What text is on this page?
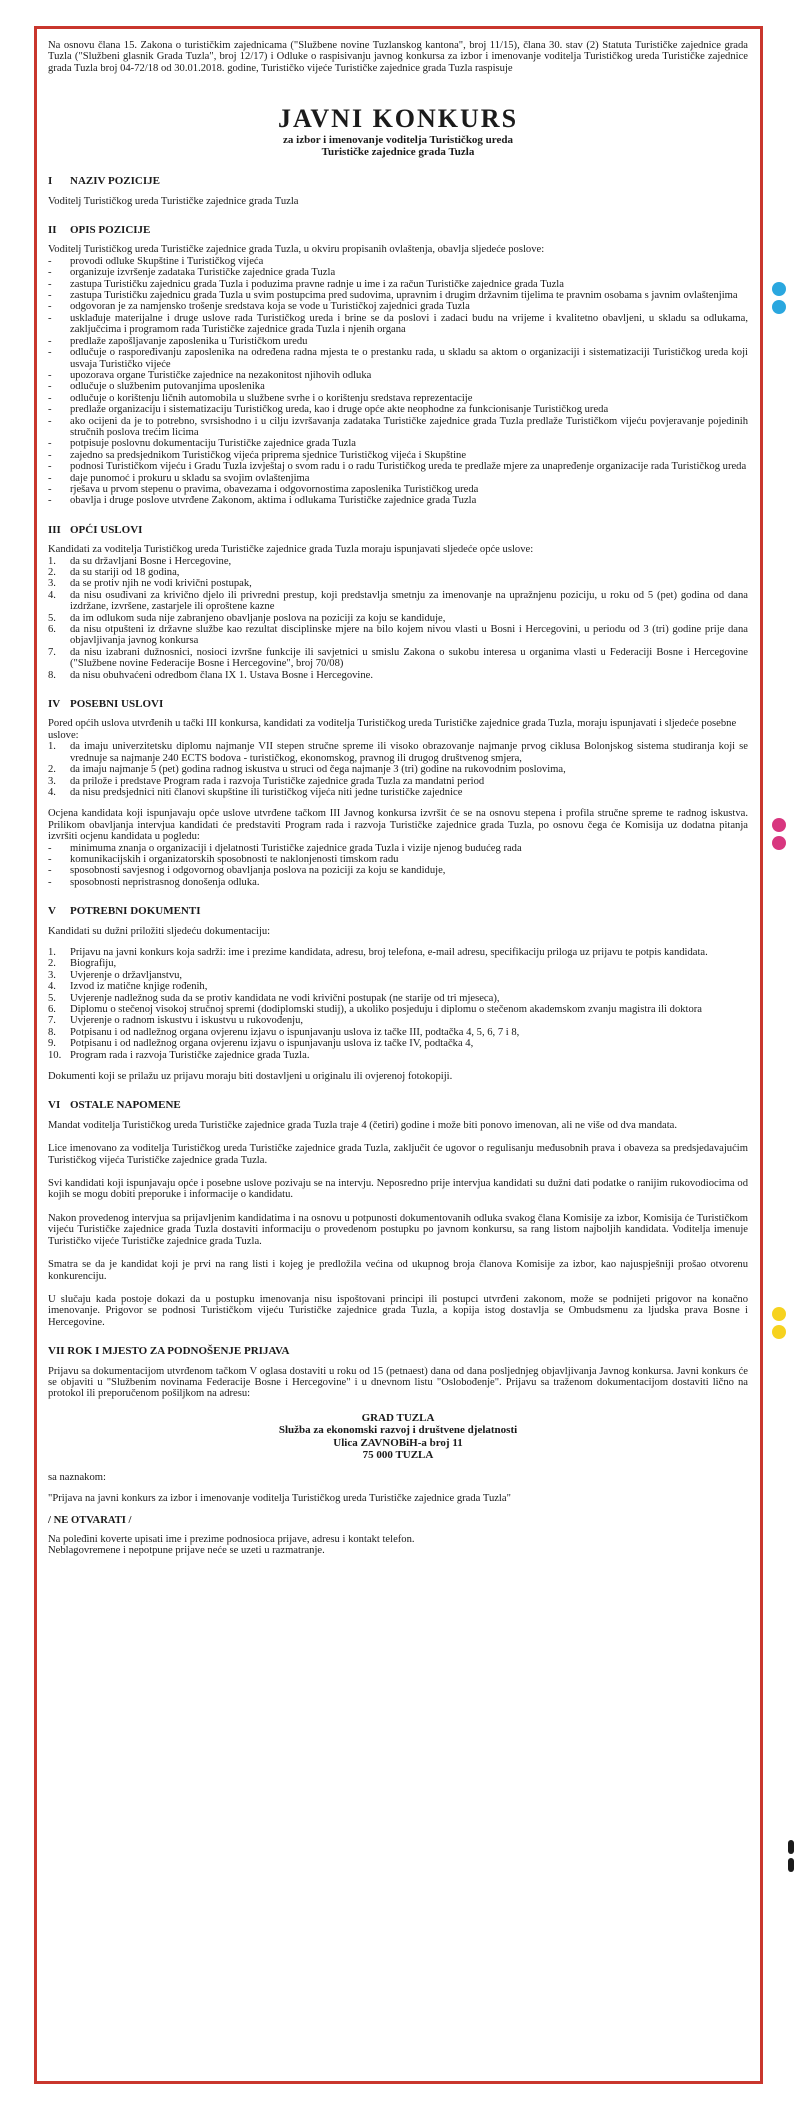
Na osnovu člana 15. Zakona o turističkim zajednicama ("Službene novine Tuzlanskog kantona", broj 11/15), člana 30. stav (2) Statuta Turističke zajednice grada Tuzla ("Službeni glasnik Grada Tuzla", broj 12/17) i Odluke o raspisivanju javnog konkursa za izbor i imenovanje voditelja Turističkog ureda Turističke zajednice grada Tuzla broj 04-72/18 od 30.01.2018. godine, Turističko vijeće Turističke zajednice grada Tuzla raspisuje

JAVNI KONKURS
za izbor i imenovanje voditelja Turističkog ureda
Turističke zajednice grada Tuzla
I NAZIV POZICIJE

Voditelj Turističkog ureda Turističke zajednice grada Tuzla

II OPIS POZICIJE
Voditelj Turističkog ureda Turističke zajednice grada Tuzla, u okviru propisanih ovlaštenja, obavlja sljedeće poslove:
- provodi odluke Skupštine i Turističkog vijeća
- organizuje izvršenje zadataka Turističke zajednice grada Tuzla
- zastupa Turističku zajednicu grada Tuzla i poduzima pravne radnje u ime i za račun Turističke zajednice grada Tuzla
- zastupa Turističku zajednicu grada Tuzla u svim postupcima pred sudovima, upravnim i drugim državnim tijelima te pravnim osobama s javnim ovlaštenjima
- odgovoran je za namjensko trošenje sredstava koja se vode u Turističkoj zajednici grada Tuzla
- usklađuje materijalne i druge uslove rada Turističkog ureda i brine se da poslovi i zadaci budu na vrijeme i kvalitetno obavljeni, u skladu sa odlukama, zaključcima i programom rada Turističke zajednice grada Tuzla i njenih organa
- predlaže zapošljavanje zaposlenika u Turističkom uredu
- odlučuje o raspoređivanju zaposlenika na određena radna mjesta te o prestanku rada, u skladu sa aktom o organizaciji i sistematizaciji Turističkog ureda koji usvaja Turističko vijeće
- upozorava organe Turističke zajednice na nezakonitost njihovih odluka
- odlučuje o službenim putovanjima uposlenika
- odlučuje o korištenju ličnih automobila u službene svrhe i o korištenju sredstava reprezentacije
- predlaže organizaciju i sistematizaciju Turističkog ureda, kao i druge opće akte neophodne za funkcionisanje Turističkog ureda
- ako ocijeni da je to potrebno, svrsishodno i u cilju izvršavanja zadataka Turističke zajednice grada Tuzla predlaže Turističkom vijeću povjeravanje pojedinih stručnih poslova trećim licima
- potpisuje poslovnu dokumentaciju Turističke zajednice grada Tuzla
- zajedno sa predsjednikom Turističkog vijeća priprema sjednice Turističkog vijeća i Skupštine
- podnosi Turističkom vijeću i Gradu Tuzla izvještaj o svom radu i o radu Turističkog ureda te predlaže mjere za unapređenje organizacije rada Turističkog ureda
- daje punomoć i prokuru u skladu sa svojim ovlaštenjima
- rješava u prvom stepenu o pravima, obavezama i odgovornostima zaposlenika Turističkog ureda
- obavlja i druge poslove utvrđene Zakonom, aktima i odlukama Turističke zajednice grada Tuzla
III OPĆI USLOVI
Kandidati za voditelja Turističkog ureda Turističke zajednice grada Tuzla moraju ispunjavati sljedeće opće uslove:
1. da su državljani Bosne i Hercegovine,
2. da su stariji od 18 godina,
3. da se protiv njih ne vodi krivični postupak,
4. da nisu osuđivani za krivično djelo ili privredni prestup, koji predstavlja smetnju za imenovanje na upražnjenu poziciju, u roku od 5 (pet) godina od dana izdržane, izvršene, zastarjele ili oproštene kazne
5. da im odlukom suda nije zabranjeno obavljanje poslova na poziciji za koju se kandiduje,
6. da nisu otpušteni iz državne službe kao rezultat disciplinske mjere na bilo kojem nivou vlasti u Bosni i Hercegovini, u periodu od 3 (tri) godine prije dana objavljivanja javnog konkursa
7. da nisu izabrani dužnosnici, nosioci izvršne funkcije ili savjetnici u smislu Zakona o sukobu interesa u organima vlasti u Federaciji Bosne i Hercegovine ("Službene novine Federacije Bosne i Hercegovine", broj 70/08)
8. da nisu obuhvaćeni odredbom člana IX 1. Ustava Bosne i Hercegovine.
IV POSEBNI USLOVI
Pored općih uslova utvrđenih u tački III konkursa, kandidati za voditelja Turističkog ureda Turističke zajednice grada Tuzla, moraju ispunjavati i sljedeće posebne uslove:
1. da imaju univerzitetsku diplomu najmanje VII stepen stručne spreme ili visoko obrazovanje najmanje prvog ciklusa Bolonjskog sistema studiranja koji se vrednuje sa najmanje 240 ECTS bodova - turističkog, ekonomskog, pravnog ili drugog društvenog smjera,
2. da imaju najmanje 5 (pet) godina radnog iskustva u struci od čega najmanje 3 (tri) godine na rukovodnim poslovima,
3. da prilože i predstave Program rada i razvoja Turističke zajednice grada Tuzla za mandatni period
4. da nisu predsjednici niti članovi skupštine ili turističkog vijeća niti jedne turističke zajednice

Ocjena kandidata koji ispunjavaju opće uslove utvrđene tačkom III Javnog konkursa izvršit će se na osnovu stepena i profila stručne spreme te radnog iskustva. Prilikom obavljanja intervjua kandidati će predstaviti Program rada i razvoja Turističke zajednice grada Tuzla, po osnovu čega će Komisija uz dodatna pitanja izvršiti ocjenu kandidata u pogledu:

- minimuma znanja o organizaciji i djelatnosti Turističke zajednice grada Tuzla i vizije njenog budućeg rada
- komunikacijskih i organizatorskih sposobnosti te naklonjenosti timskom radu
- sposobnosti savjesnog i odgovornog obavljanja poslova na poziciji za koju se kandiduje,
- sposobnosti nepristrasnog donošenja odluka.
V POTREBNI DOKUMENTI

Kandidati su dužni priložiti sljedeću dokumentaciju:

1. Prijavu na javni konkurs koja sadrži: ime i prezime kandidata, adresu, broj telefona, e-mail adresu, specifikaciju priloga uz prijavu te potpis kandidata.
2. Biografiju,
3. Uvjerenje o državljanstvu,
4. Izvod iz matične knjige rođenih,
5. Uvjerenje nadležnog suda da se protiv kandidata ne vodi krivični postupak (ne starije od tri mjeseca),
6. Diplomu o stečenoj visokoj stručnoj spremi (dodiplomski studij), a ukoliko posjeduju i diplomu o stečenom akademskom zvanju magistra ili doktora
7. Uvjerenje o radnom iskustvu i iskustvu u rukovođenju,
8. Potpisanu i od nadležnog organa ovjerenu izjavu o ispunjavanju uslova iz tačke III, podtačka 4, 5, 6, 7 i 8,
9. Potpisanu i od nadležnog organa ovjerenu izjavu o ispunjavanju uslova iz tačke IV, podtačka 4,
10. Program rada i razvoja Turističke zajednice grada Tuzla.

Dokumenti koji se prilažu uz prijavu moraju biti dostavljeni u originalu ili ovjerenoj fotokopiji.

VI OSTALE NAPOMENE

Mandat voditelja Turističkog ureda Turističke zajednice grada Tuzla traje 4 (četiri) godine i može biti ponovo imenovan, ali ne više od dva mandata.

Lice imenovano za voditelja Turističkog ureda Turističke zajednice grada Tuzla, zaključit će ugovor o regulisanju međusobnih prava i obaveza sa predsjedavajućim Turističkog vijeća Turističke zajednice grada Tuzla.

Svi kandidati koji ispunjavaju opće i posebne uslove pozivaju se na intervju. Neposredno prije intervjua kandidati su dužni dati podatke o ranijim rukovodiocima od kojih se mogu dobiti preporuke i informacije o kandidatu.

Nakon provedenog intervjua sa prijavljenim kandidatima i na osnovu u potpunosti dokumentovanih odluka svakog člana Komisije za izbor, Komisija će Turističkom vijeću Turističke zajednice grada Tuzla dostaviti informaciju o provedenom postupku po javnom konkursu, sa rang listom najboljih kandidata. Voditelja imenuje Turističko vijeće Turističke zajednice grada Tuzla.

Smatra se da je kandidat koji je prvi na rang listi i kojeg je predložila većina od ukupnog broja članova Komisije za izbor, kao najuspješniji prošao otvorenu konkurenciju.

U slučaju kada postoje dokazi da u postupku imenovanja nisu ispoštovani principi ili postupci utvrđeni zakonom, može se podnijeti prigovor na konačno imenovanje. Prigovor se podnosi Turističkom vijeću Turističke zajednice grada Tuzla, a kopija istog dostavlja se Ombudsmenu za ljudska prava Bosne i Hercegovine.

VII ROK I MJESTO ZA PODNOŠENJE PRIJAVA

Prijavu sa dokumentacijom utvrđenom tačkom V oglasa dostaviti u roku od 15 (petnaest) dana od dana posljednjeg objavljivanja Javnog konkursa. Javni konkurs će se objaviti u "Službenim novinama Federacije Bosne i Hercegovine" i u dnevnom listu "Oslobođenje". Prijavu sa traženom dokumentacijom dostaviti lično na protokol ili preporučenom pošiljkom na adresu:

GRAD TUZLA
Služba za ekonomski razvoj i društvene djelatnosti
Ulica ZAVNOBiH-a broj 11
75 000 TUZLA

sa naznakom:

"Prijava na javni konkurs za izbor i imenovanje voditelja Turističkog ureda Turističke zajednice grada Tuzla"

/ NE OTVARATI /
Na poleđini koverte upisati ime i prezime podnosioca prijave, adresu i kontakt telefon.
Neblagovremene i nepotpune prijave neće se uzeti u razmatranje.
